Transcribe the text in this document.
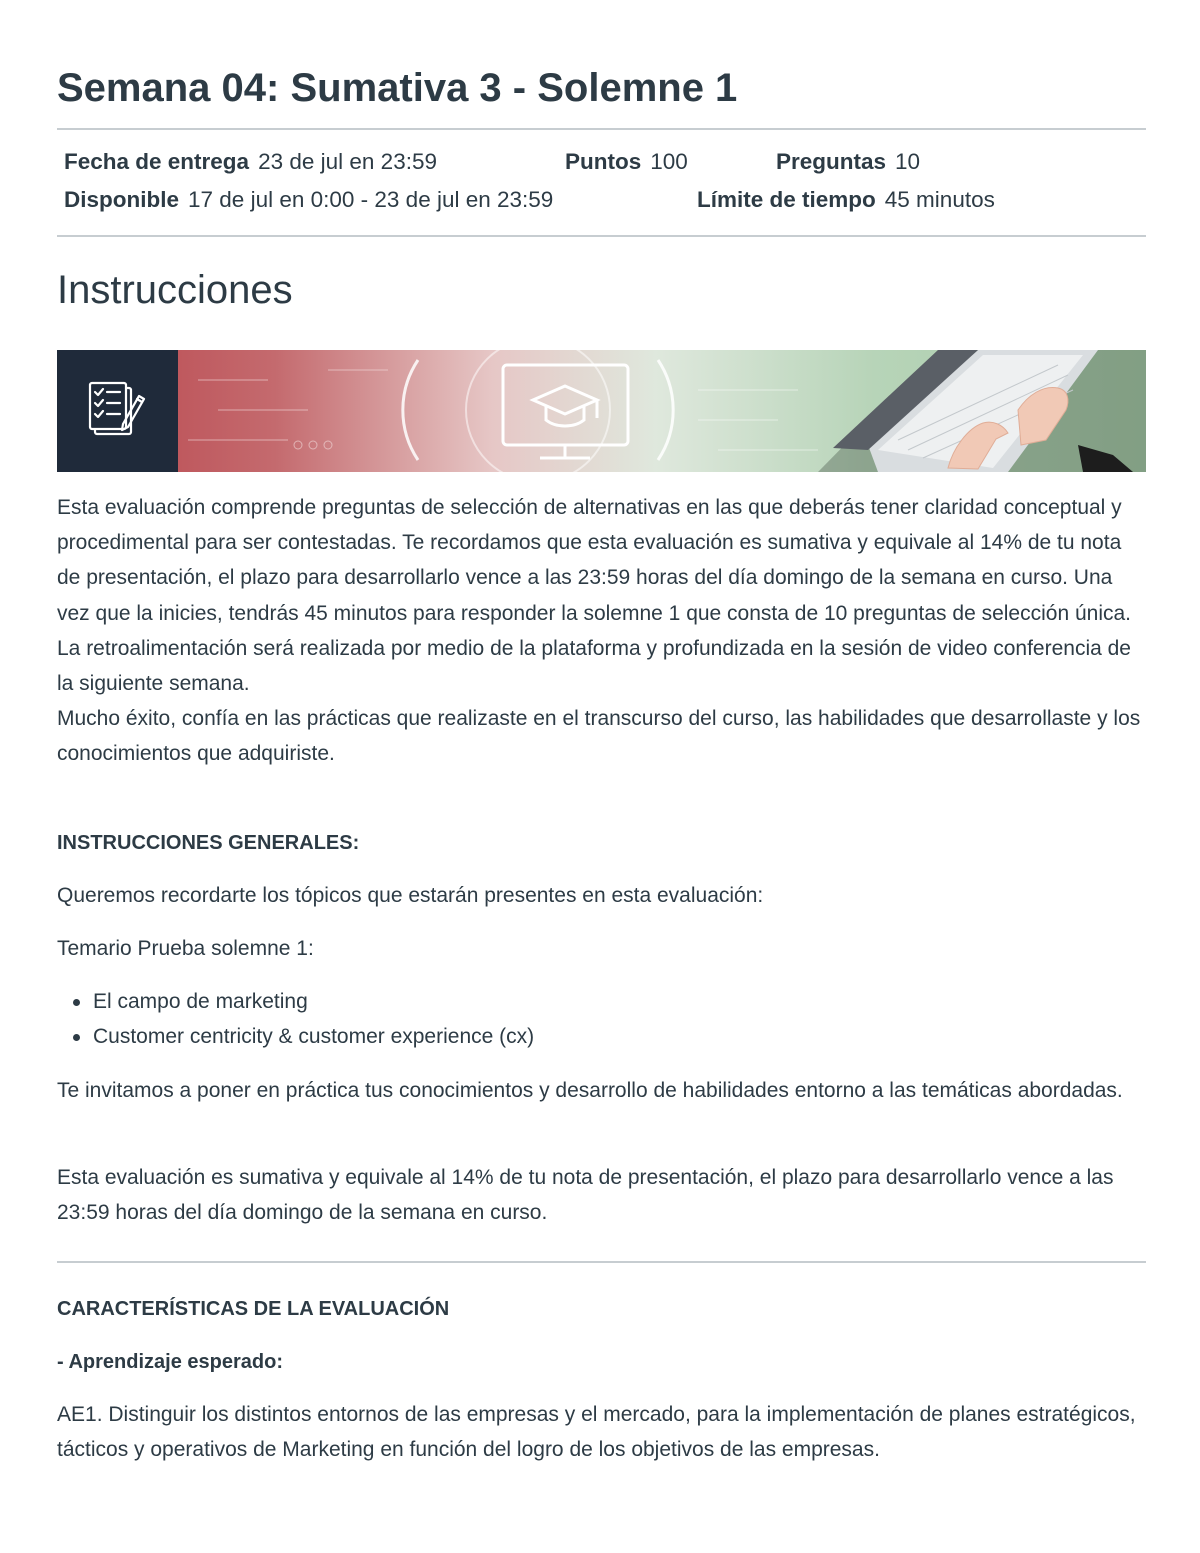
Semana 04: Sumativa 3 - Solemne 1
Fecha de entrega 23 de jul en 23:59	Puntos 100	Preguntas 10
Disponible 17 de jul en 0:00 - 23 de jul en 23:59	Límite de tiempo 45 minutos
Instrucciones

Esta evaluación comprende preguntas de selección de alternativas en las que deberás tener claridad conceptual y procedimental para ser contestadas. Te recordamos que esta evaluación es sumativa y equivale al 14% de tu nota de presentación, el plazo para desarrollarlo vence a las 23:59 horas del día domingo de la semana en curso. Una vez que la inicies, tendrás 45 minutos para responder la solemne 1 que consta de 10 preguntas de selección única. La retroalimentación será realizada por medio de la plataforma y profundizada en la sesión de video conferencia de la siguiente semana.

Mucho éxito, confía en las prácticas que realizaste en el transcurso del curso, las habilidades que desarrollaste y los conocimientos que adquiriste.

INSTRUCCIONES GENERALES:

Queremos recordarte los tópicos que estarán presentes en esta evaluación:

Temario Prueba solemne 1:

El campo de marketing
Customer centricity & customer experience (cx)

Te invitamos a poner en práctica tus conocimientos y desarrollo de habilidades entorno a las temáticas abordadas.

Esta evaluación es sumativa y equivale al 14% de tu nota de presentación, el plazo para desarrollarlo vence a las 23:59 horas del día domingo de la semana en curso.

CARACTERÍSTICAS DE LA EVALUACIÓN

- Aprendizaje esperado:

AE1. Distinguir los distintos entornos de las empresas y el mercado, para la implementación de planes estratégicos, tácticos y operativos de Marketing en función del logro de los objetivos de las empresas.
